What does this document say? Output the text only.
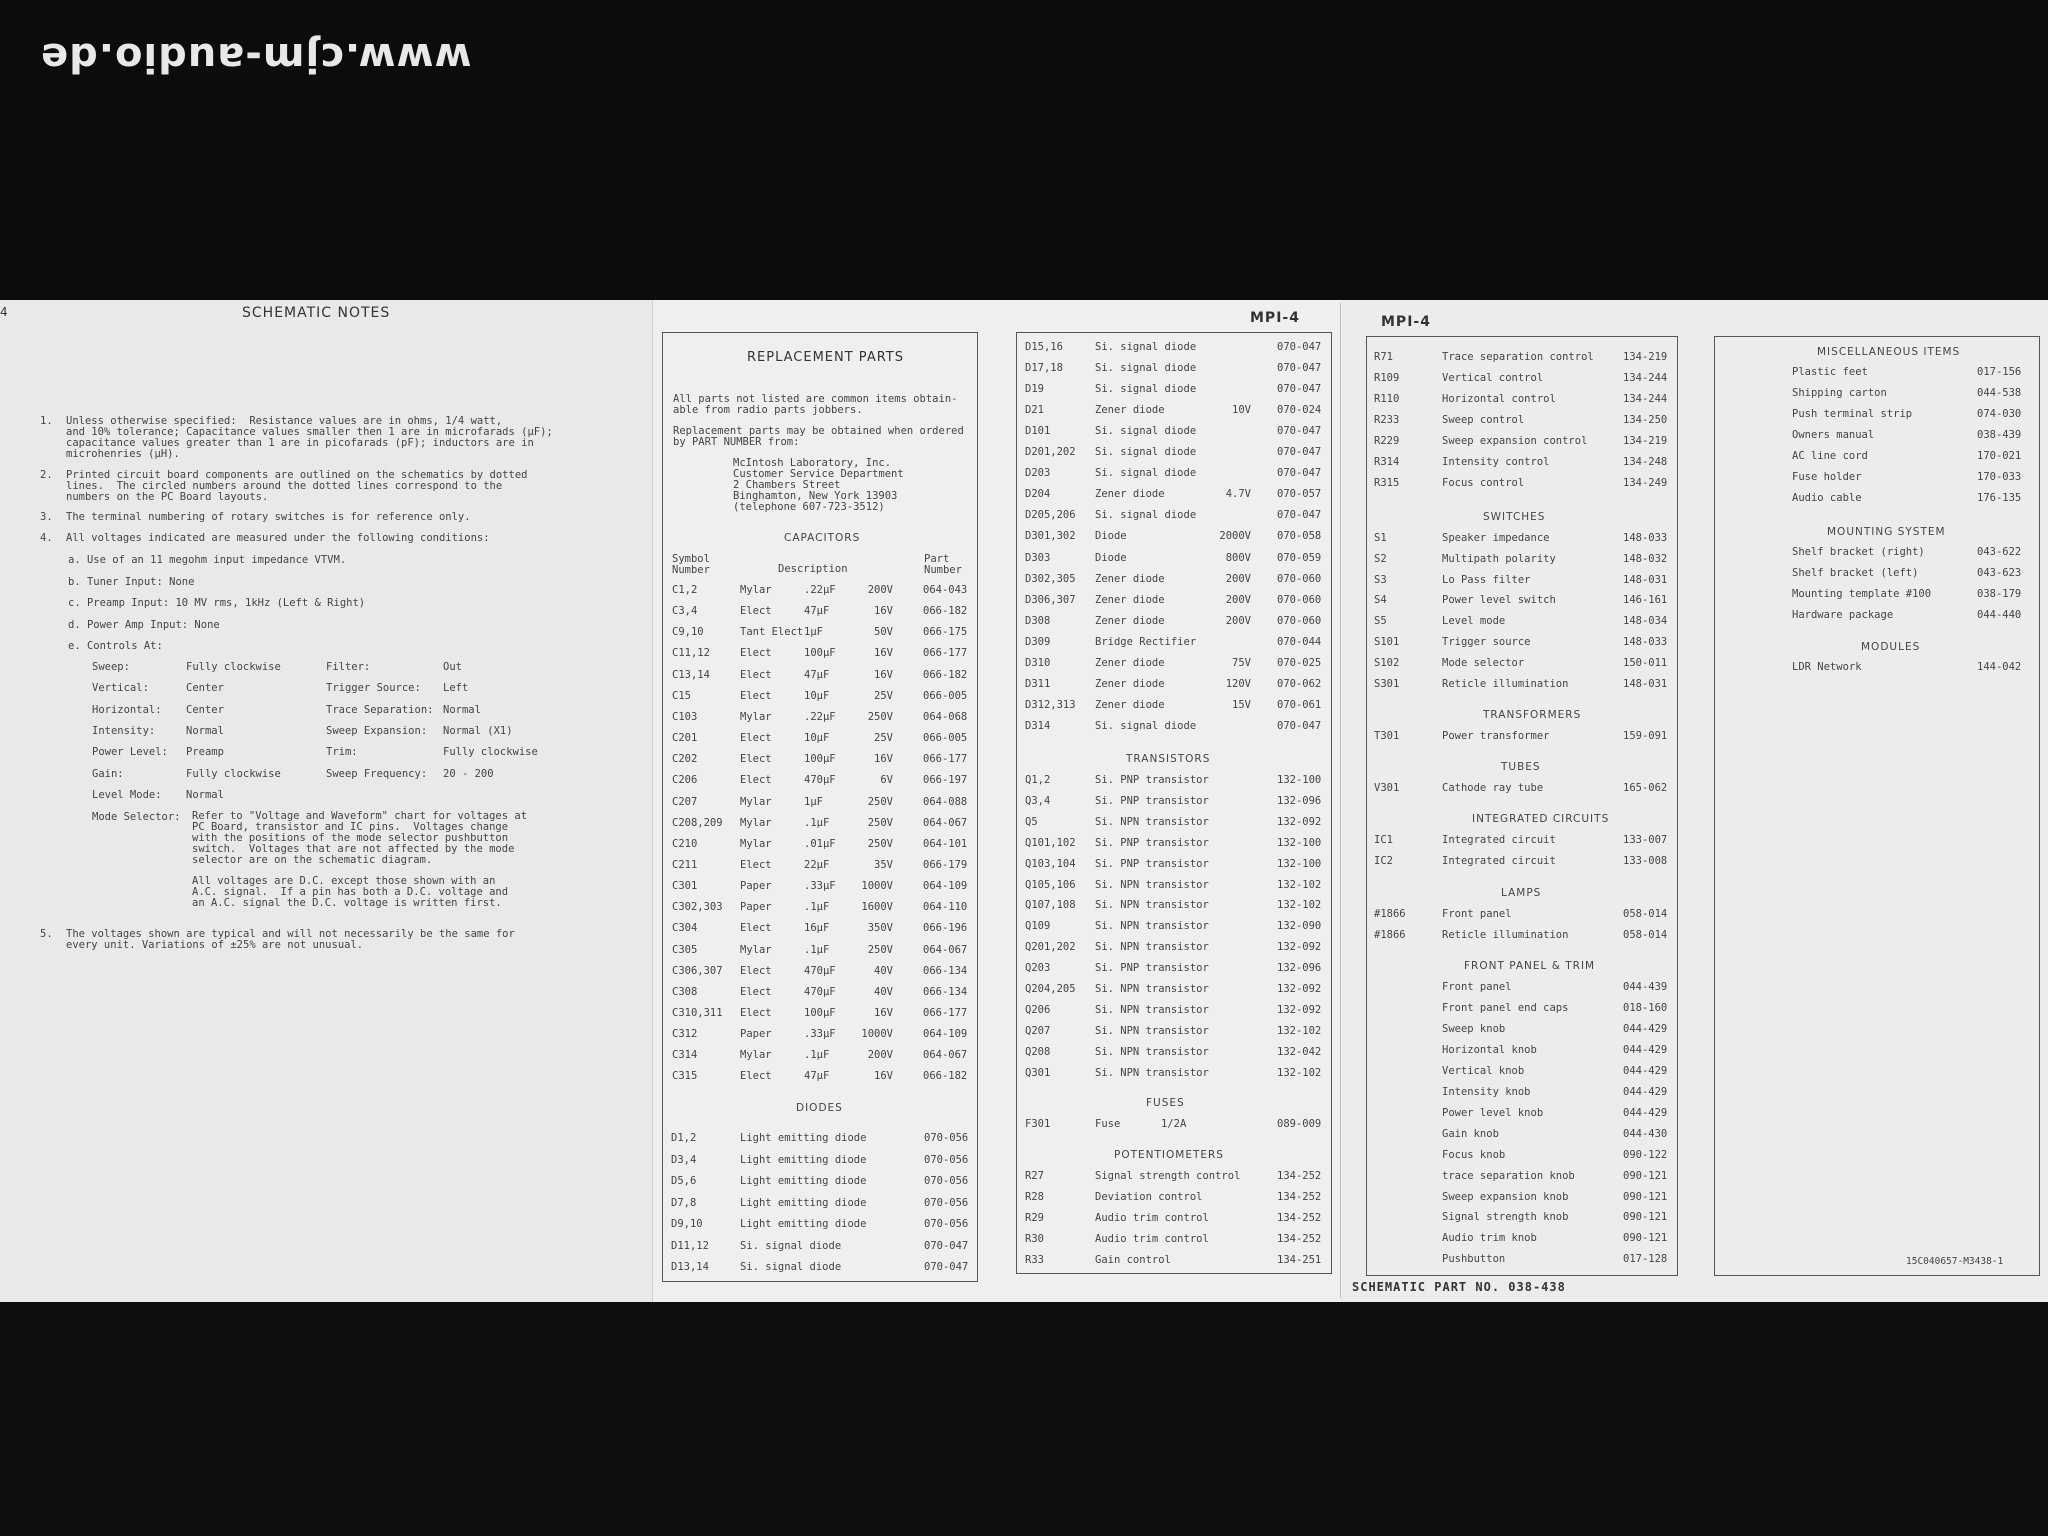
www.cjm-audio.de
4	SCHEMATIC NOTES
1. Unless otherwise specified:  Resistance values are in ohms, 1/4 watt,
and 10% tolerance; Capacitance values smaller then 1 are in microfarads (µF);
capacitance values greater than 1 are in picofarads (pF); inductors are in
microhenries (µH).
2. Printed circuit board components are outlined on the schematics by dotted
lines.  The circled numbers around the dotted lines correspond to the
numbers on the PC Board layouts.
3. The terminal numbering of rotary switches is for reference only.
4. All voltages indicated are measured under the following conditions:
a. Use of an 11 megohm input impedance VTVM.
b. Tuner Input: None
c. Preamp Input: 10 MV rms, 1kHz (Left & Right)
d. Power Amp Input: None
e. Controls At:
Sweep:	Fully clockwise	Filter:	Out
Vertical:	Center	Trigger Source: Left
Horizontal: Center	Trace Separation: Normal
Intensity:	Normal	Sweep Expansion: Normal (X1)
Power Level: Preamp	Trim:	Fully clockwise
Gain:	Fully clockwise	Sweep Frequency: 20 - 200
Level Mode: Normal
Mode Selector: Refer to "Voltage and Waveform" chart for voltages at
PC Board, transistor and IC pins.  Voltages change
with the positions of the mode selector pushbutton
switch.  Voltages that are not affected by the mode
selector are on the schematic diagram.
All voltages are D.C. except those shown with an
A.C. signal.  If a pin has both a D.C. voltage and
an A.C. signal the D.C. voltage is written first.
5. The voltages shown are typical and will not necessarily be the same for
every unit. Variations of ±25% are not unusual.
REPLACEMENT PARTS
All parts not listed are common items obtain-
able from radio parts jobbers.
Replacement parts may be obtained when ordered
by PART NUMBER from:
McIntosh Laboratory, Inc.
Customer Service Department
2 Chambers Street
Binghamton, New York 13903
(telephone 607-723-3512)
CAPACITORS
Symbol
Number	Description
Part
Number
C1,2	Mylar	.22µF	200V	064-043
C3,4	Elect	47µF	16V	066-182
C9,10	Tant Elect 1µF	50V	066-175
C11,12	Elect	100µF	16V	066-177
C13,14	Elect	47µF	16V	066-182
C15	Elect	10µF	25V	066-005
C103	Mylar	.22µF	250V	064-068
C201	Elect	10µF	25V	066-005
C202	Elect	100µF	16V	066-177
C206	Elect	470µF	6V	066-197
C207	Mylar	1µF	250V	064-088
C208,209 Mylar	.1µF	250V	064-067
C210	Mylar	.01µF	250V	064-101
C211	Elect	22µF	35V	066-179
C301	Paper	.33µF	1000V	064-109
C302,303 Paper	.1µF	1600V	064-110
C304	Elect	16µF	350V	066-196
C305	Mylar	.1µF	250V	064-067
C306,307 Elect	470µF	40V	066-134
C308	Elect	470µF	40V	066-134
C310,311 Elect	100µF	16V	066-177
C312	Paper	.33µF	1000V	064-109
C314	Mylar	.1µF	200V	064-067
C315	Elect	47µF	16V	066-182
DIODES
D1,2	Light emitting diode	070-056
D3,4	Light emitting diode	070-056
D5,6	Light emitting diode	070-056
D7,8	Light emitting diode	070-056
D9,10	Light emitting diode	070-056
D11,12	Si. signal diode	070-047
D13,14	Si. signal diode	070-047
MPI-4
D15,16	Si. signal diode	070-047
D17,18	Si. signal diode	070-047
D19	Si. signal diode	070-047
D21	Zener diode	10V 070-024
D101	Si. signal diode	070-047
D201,202 Si. signal diode	070-047
D203	Si. signal diode	070-047
D204	Zener diode	4.7V 070-057
D205,206 Si. signal diode	070-047
D301,302 Diode	2000V 070-058
D303	Diode	800V 070-059
D302,305 Zener diode	200V 070-060
D306,307 Zener diode	200V 070-060
D308	Zener diode	200V 070-060
D309	Bridge Rectifier	070-044
D310	Zener diode	75V 070-025
D311	Zener diode	120V 070-062
D312,313 Zener diode	15V 070-061
D314	Si. signal diode	070-047
TRANSISTORS
Q1,2	Si. PNP transistor	132-100
Q3,4	Si. PNP transistor	132-096
Q5	Si. NPN transistor	132-092
Q101,102 Si. PNP transistor	132-100
Q103,104 Si. PNP transistor	132-100
Q105,106 Si. NPN transistor	132-102
Q107,108 Si. NPN transistor	132-102
Q109	Si. NPN transistor	132-090
Q201,202 Si. NPN transistor	132-092
Q203	Si. PNP transistor	132-096
Q204,205 Si. NPN transistor	132-092
Q206	Si. NPN transistor	132-092
Q207	Si. NPN transistor	132-102
Q208	Si. NPN transistor	132-042
Q301	Si. NPN transistor	132-102
FUSES
F301	Fuse	1/2A	089-009
POTENTIOMETERS
R27	Signal strength control	134-252
R28	Deviation control	134-252
R29	Audio trim control	134-252
R30	Audio trim control	134-252
R33	Gain control	134-251
MPI-4
R71	Trace separation control	134-219
R109	Vertical control	134-244
R110	Horizontal control	134-244
R233	Sweep control	134-250
R229	Sweep expansion control	134-219
R314	Intensity control	134-248
R315	Focus control	134-249
SWITCHES
S1	Speaker impedance	148-033
S2	Multipath polarity	148-032
S3	Lo Pass filter	148-031
S4	Power level switch	146-161
S5	Level mode	148-034
S101	Trigger source	148-033
S102	Mode selector	150-011
S301	Reticle illumination	148-031
TRANSFORMERS
T301	Power transformer	159-091
TUBES
V301	Cathode ray tube	165-062
INTEGRATED CIRCUITS
IC1	Integrated circuit	133-007
IC2	Integrated circuit	133-008
LAMPS
#1866	Front panel	058-014
#1866	Reticle illumination	058-014
FRONT PANEL & TRIM
Front panel	044-439
Front panel end caps	018-160
Sweep knob	044-429
Horizontal knob	044-429
Vertical knob	044-429
Intensity knob	044-429
Power level knob	044-429
Gain knob	044-430
Focus knob	090-122
trace separation knob	090-121
Sweep expansion knob	090-121
Signal strength knob	090-121
Audio trim knob	090-121
Pushbutton	017-128
SCHEMATIC PART NO. 038-438
MISCELLANEOUS ITEMS
Plastic feet	017-156
Shipping carton	044-538
Push terminal strip	074-030
Owners manual	038-439
AC line cord	170-021
Fuse holder	170-033
Audio cable	176-135
MOUNTING SYSTEM
Shelf bracket (right)	043-622
Shelf bracket (left)	043-623
Mounting template #100	038-179
Hardware package	044-440
MODULES
LDR Network	144-042
15C040657-M3438-1
